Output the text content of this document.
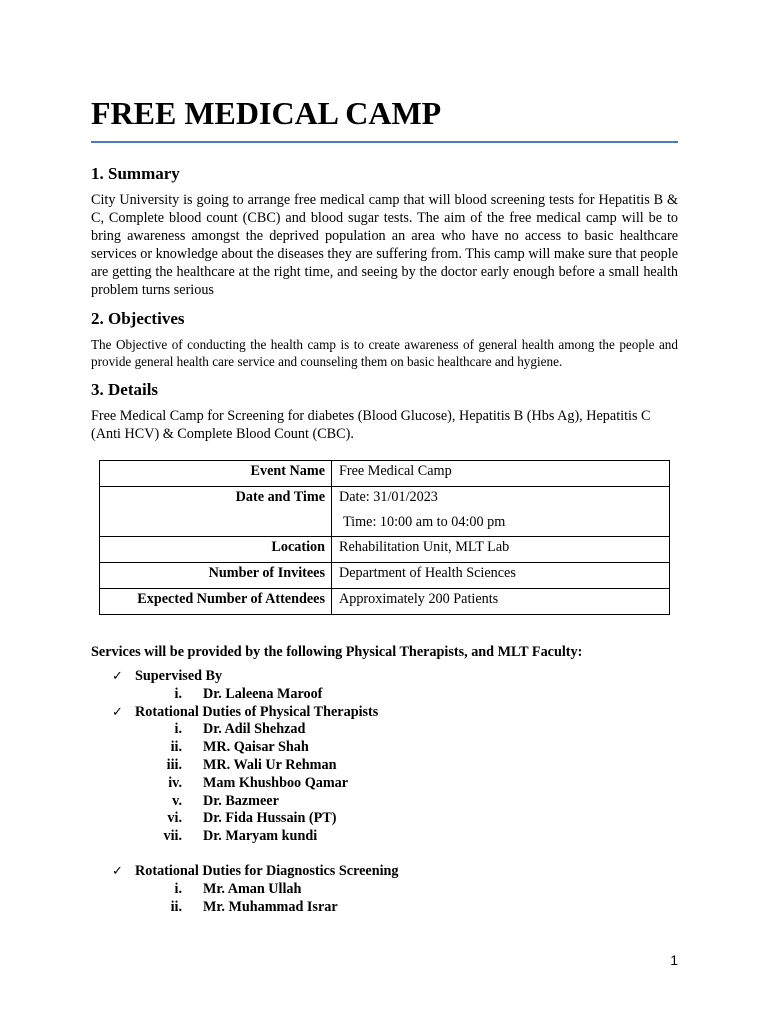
FREE MEDICAL CAMP
1. Summary

City University is going to arrange free medical camp that will blood screening tests for Hepatitis B & C, Complete blood count (CBC) and blood sugar tests. The aim of the free medical camp will be to bring awareness amongst the deprived population an area who have no access to basic healthcare services or knowledge about the diseases they are suffering from. This camp will make sure that people are getting the healthcare at the right time, and seeing by the doctor early enough before a small health problem turns serious

2. Objectives

The Objective of conducting the health camp is to create awareness of general health among the people and provide general health care service and counseling them on basic healthcare and hygiene.

3. Details

Free Medical Camp for Screening for diabetes (Blood Glucose), Hepatitis B (Hbs Ag), Hepatitis C (Anti HCV) & Complete Blood Count (CBC).

Event Name	Free Medical Camp
Date and Time	Date: 31/01/2023
Time: 10:00 am to 04:00 pm

Location	Rehabilitation Unit, MLT Lab
Number of Invitees	Department of Health Sciences
Expected Number of Attendees	Approximately 200 Patients
Services will be provided by the following Physical Therapists, and MLT Faculty:
✓ Supervised By
i. Dr. Laleena Maroof
✓ Rotational Duties of Physical Therapists
i. Dr. Adil Shehzad
ii. MR. Qaisar Shah
iii. MR. Wali Ur Rehman
iv. Mam Khushboo Qamar
v. Dr. Bazmeer
vi. Dr. Fida Hussain (PT)
vii. Dr. Maryam kundi
✓ Rotational Duties for Diagnostics Screening
i. Mr. Aman Ullah
ii. Mr. Muhammad Israr
1
